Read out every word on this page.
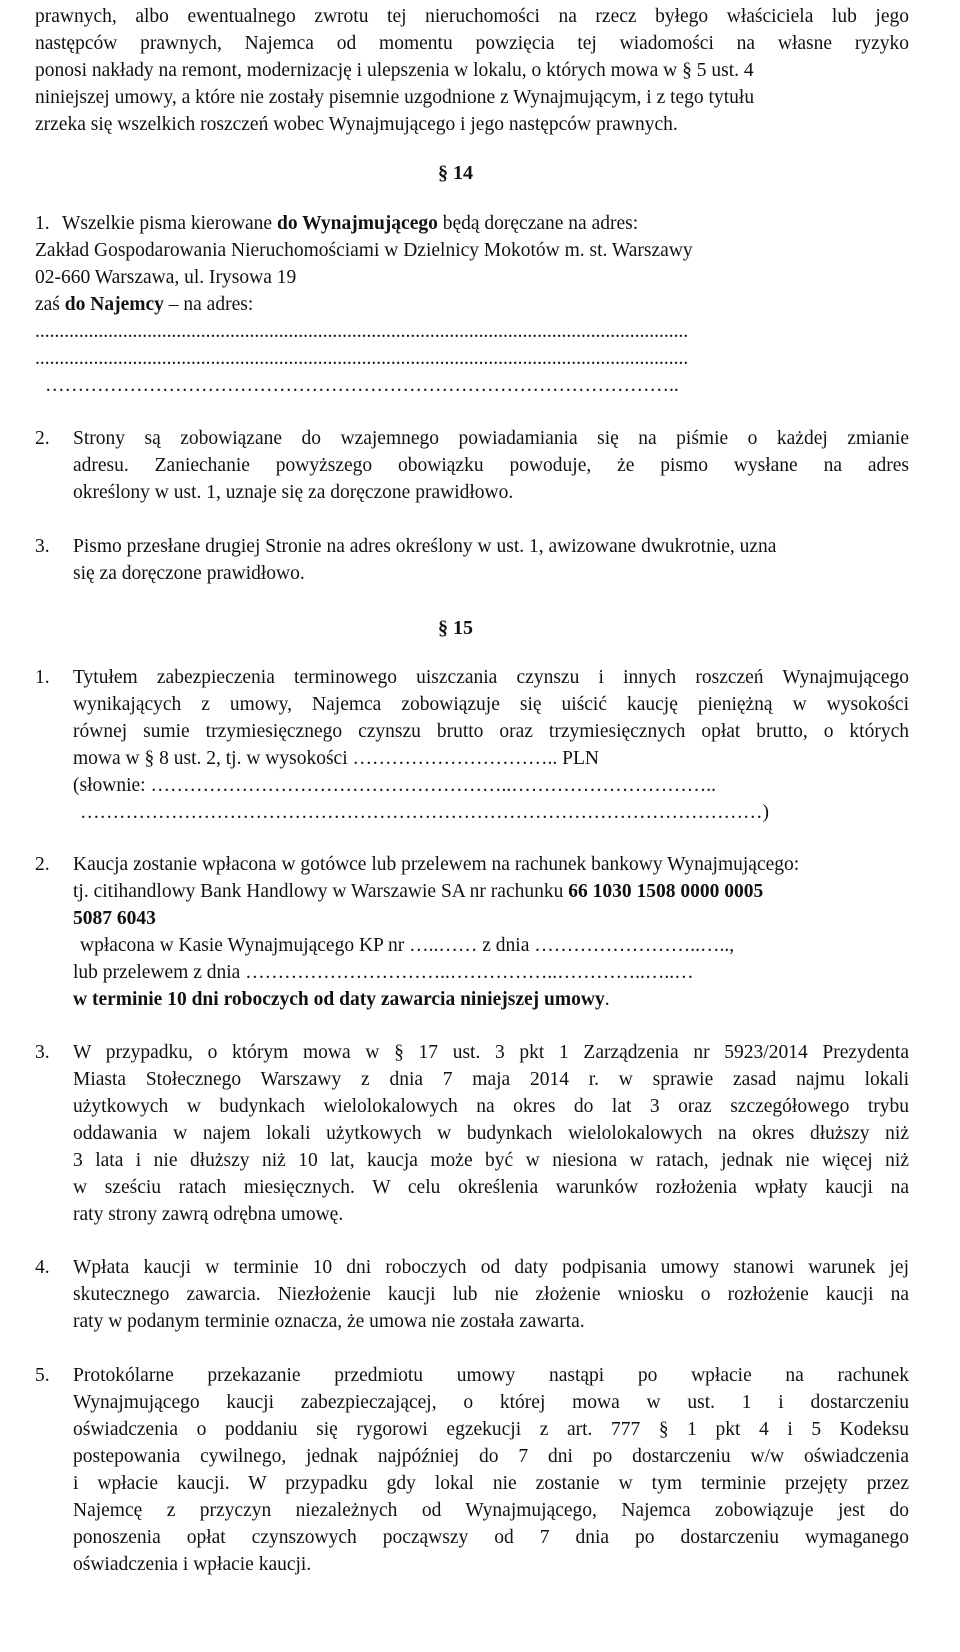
prawnych, albo ewentualnego zwrotu tej nieruchomości na rzecz byłego właściciela lub jego
następców prawnych, Najemca od momentu powzięcia tej wiadomości na własne ryzyko
ponosi nakłady na remont, modernizację i ulepszenia w lokalu, o których mowa w § 5 ust. 4
niniejszej umowy, a które nie zostały pisemnie uzgodnione z Wynajmującym, i z tego tytułu
zrzeka się wszelkich roszczeń wobec Wynajmującego i jego następców prawnych.
§ 14
1. Wszelkie pisma kierowane do Wynajmującego będą doręczane na adres:
Zakład Gospodarowania Nieruchomościami w Dzielnicy Mokotów m. st. Warszawy
02-660 Warszawa, ul. Irysowa 19
zaś do Najemcy – na adres:
......................................................................................................................................
......................................................................................................................................
……………………………………………………………………………………..
2. Strony są zobowiązane do wzajemnego powiadamiania się na piśmie o każdej zmianie
adresu. Zaniechanie powyższego obowiązku powoduje, że pismo wysłane na adres
określony w ust. 1, uznaje się za doręczone prawidłowo.
3. Pismo przesłane drugiej Stronie na adres określony w ust. 1, awizowane dwukrotnie, uzna
się za doręczone prawidłowo.
§ 15
1. Tytułem zabezpieczenia terminowego uiszczania czynszu i innych roszczeń Wynajmującego
wynikających z umowy, Najemca zobowiązuje się uiścić kaucję pieniężną w wysokości
równej sumie trzymiesięcznego czynszu brutto oraz trzymiesięcznych opłat brutto, o których
mowa w § 8 ust. 2, tj. w wysokości ………………………….. PLN
(słownie: ………………………………………………..…………………………..
……………………………………………………………………………………………)
2. Kaucja zostanie wpłacona w gotówce lub przelewem na rachunek bankowy Wynajmującego:
tj. citihandlowy Bank Handlowy w Warszawie SA nr rachunku 66 1030 1508 0000 0005
5087 6043
wpłacona w Kasie Wynajmującego KP nr …..…… z dnia ……………………..…..,
lub przelewem z dnia …………………………..……………..…………..…..…
w terminie 10 dni roboczych od daty zawarcia niniejszej umowy.
3. W przypadku, o którym mowa w § 17 ust. 3 pkt 1 Zarządzenia nr 5923/2014 Prezydenta
Miasta Stołecznego Warszawy z dnia 7 maja 2014 r. w sprawie zasad najmu lokali
użytkowych w budynkach wielolokalowych na okres do lat 3 oraz szczegółowego trybu
oddawania w najem lokali użytkowych w budynkach wielolokalowych na okres dłuższy niż
3 lata i nie dłuższy niż 10 lat, kaucja może być w niesiona w ratach, jednak nie więcej niż
w sześciu ratach miesięcznych. W celu określenia warunków rozłożenia wpłaty kaucji na
raty strony zawrą odrębna umowę.
4. Wpłata kaucji w terminie 10 dni roboczych od daty podpisania umowy stanowi warunek jej
skutecznego zawarcia. Niezłożenie kaucji lub nie złożenie wniosku o rozłożenie kaucji na
raty w podanym terminie oznacza, że umowa nie została zawarta.
5. Protokólarne przekazanie przedmiotu umowy nastąpi po wpłacie na rachunek
Wynajmującego kaucji zabezpieczającej, o której mowa w ust. 1 i dostarczeniu
oświadczenia o poddaniu się rygorowi egzekucji z art. 777 § 1 pkt 4 i 5 Kodeksu
postepowania cywilnego, jednak najpóźniej do 7 dni po dostarczeniu w/w oświadczenia
i wpłacie kaucji. W przypadku gdy lokal nie zostanie w tym terminie przejęty przez
Najemcę z przyczyn niezależnych od Wynajmującego, Najemca zobowiązuje jest do
ponoszenia opłat czynszowych począwszy od 7 dnia po dostarczeniu wymaganego
oświadczenia i wpłacie kaucji.
